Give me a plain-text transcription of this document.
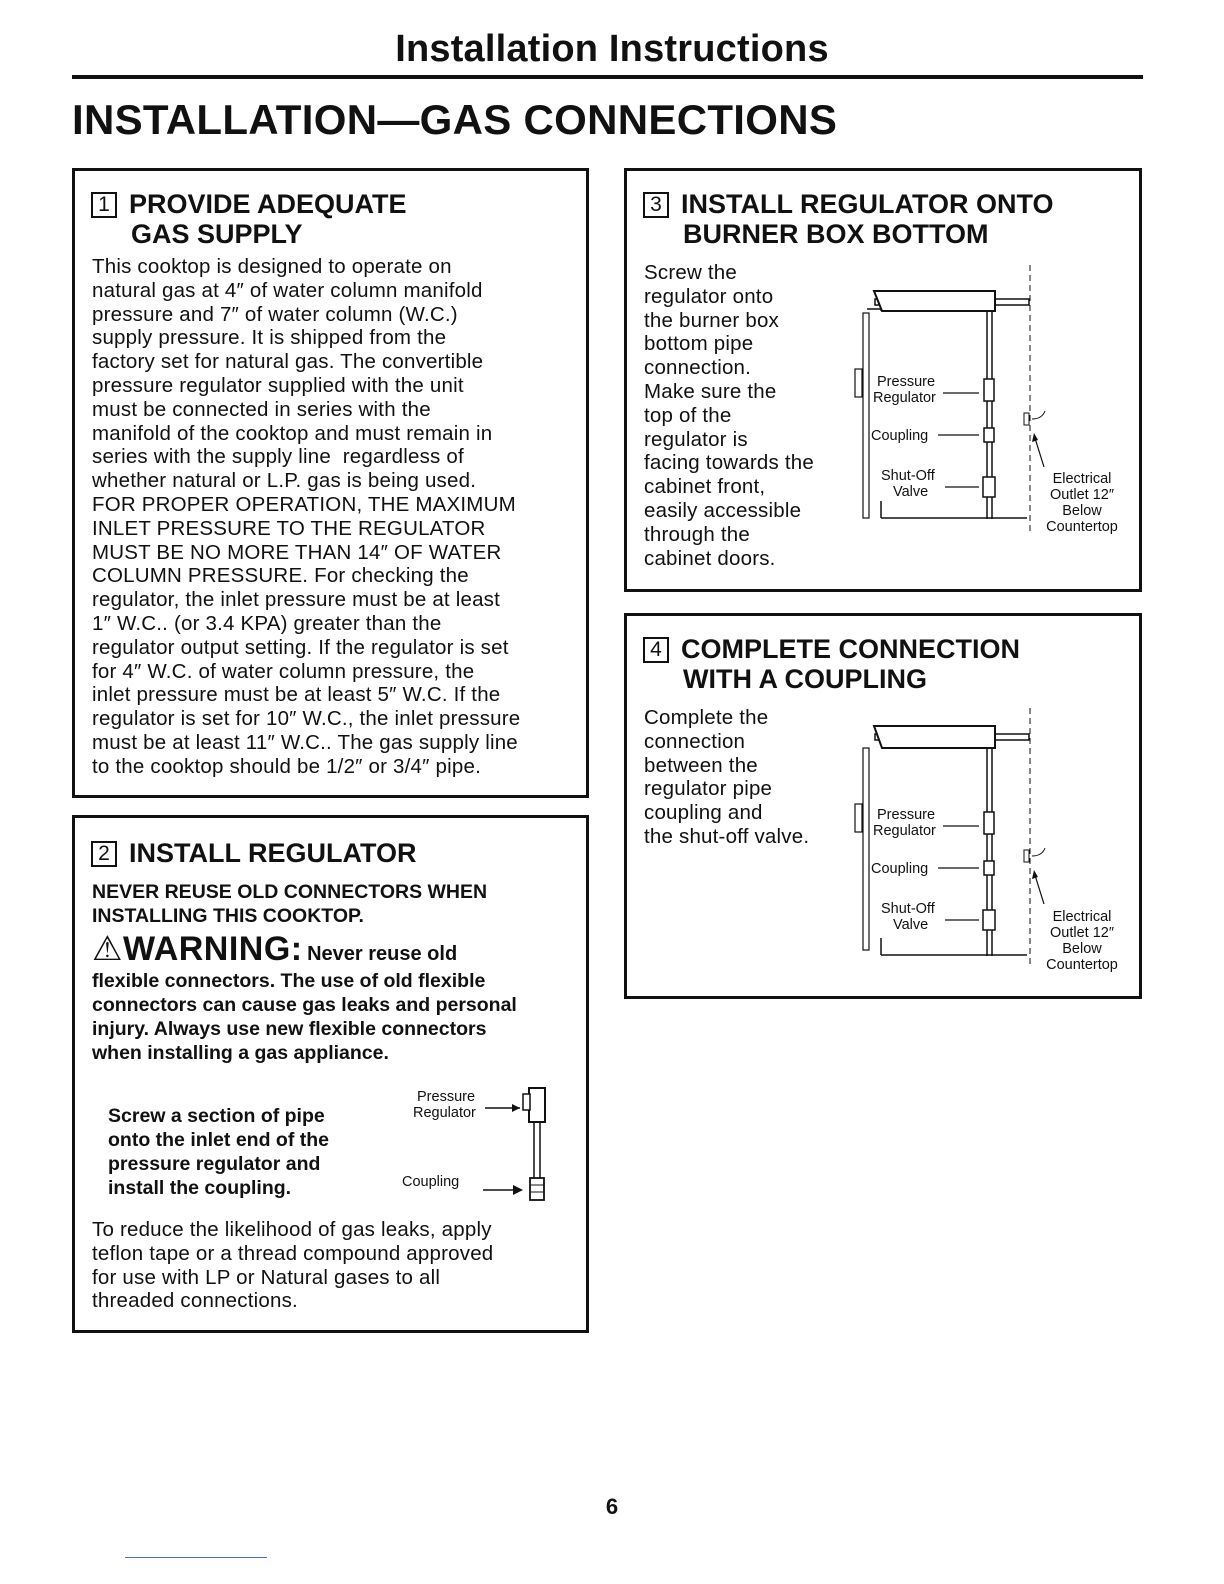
Installation Instructions
INSTALLATION—GAS CONNECTIONS
1 PROVIDE ADEQUATE
GAS SUPPLY
This cooktop is designed to operate on
natural gas at 4″ of water column manifold
pressure and 7″ of water column (W.C.)
supply pressure. It is shipped from the
factory set for natural gas. The convertible
pressure regulator supplied with the unit
must be connected in series with the
manifold of the cooktop and must remain in
series with the supply line  regardless of
whether natural or L.P. gas is being used.
FOR PROPER OPERATION, THE MAXIMUM
INLET PRESSURE TO THE REGULATOR
MUST BE NO MORE THAN 14″ OF WATER
COLUMN PRESSURE. For checking the
regulator, the inlet pressure must be at least
1″ W.C.. (or 3.4 KPA) greater than the
regulator output setting. If the regulator is set
for 4″ W.C. of water column pressure, the
inlet pressure must be at least 5″ W.C. If the
regulator is set for 10″ W.C., the inlet pressure
must be at least 11″ W.C.. The gas supply line
to the cooktop should be 1/2″ or 3/4″ pipe.
2 INSTALL REGULATOR
NEVER REUSE OLD CONNECTORS WHEN
INSTALLING THIS COOKTOP.
⚠WARNING: Never reuse old
flexible connectors. The use of old flexible
connectors can cause gas leaks and personal
injury. Always use new flexible connectors
when installing a gas appliance.
Screw a section of pipe
onto the inlet end of the
pressure regulator and
install the coupling.
Pressure
Regulator
Coupling
To reduce the likelihood of gas leaks, apply
teflon tape or a thread compound approved
for use with LP or Natural gases to all
threaded connections.
3 INSTALL REGULATOR ONTO
BURNER BOX BOTTOM
Screw the
regulator onto
the burner box
bottom pipe
connection.
Make sure the
top of the
regulator is
facing towards the
cabinet front,
easily accessible
through the
cabinet doors.
Pressure
Regulator
Coupling
Shut-Off
Valve
Electrical
Outlet 12″
Below
Countertop
4 COMPLETE CONNECTION
WITH A COUPLING
Complete the
connection
between the
regulator pipe
coupling and
the shut-off valve.
Pressure
Regulator
Coupling
Shut-Off
Valve	Electrical
Outlet 12″
Below
Countertop
6
